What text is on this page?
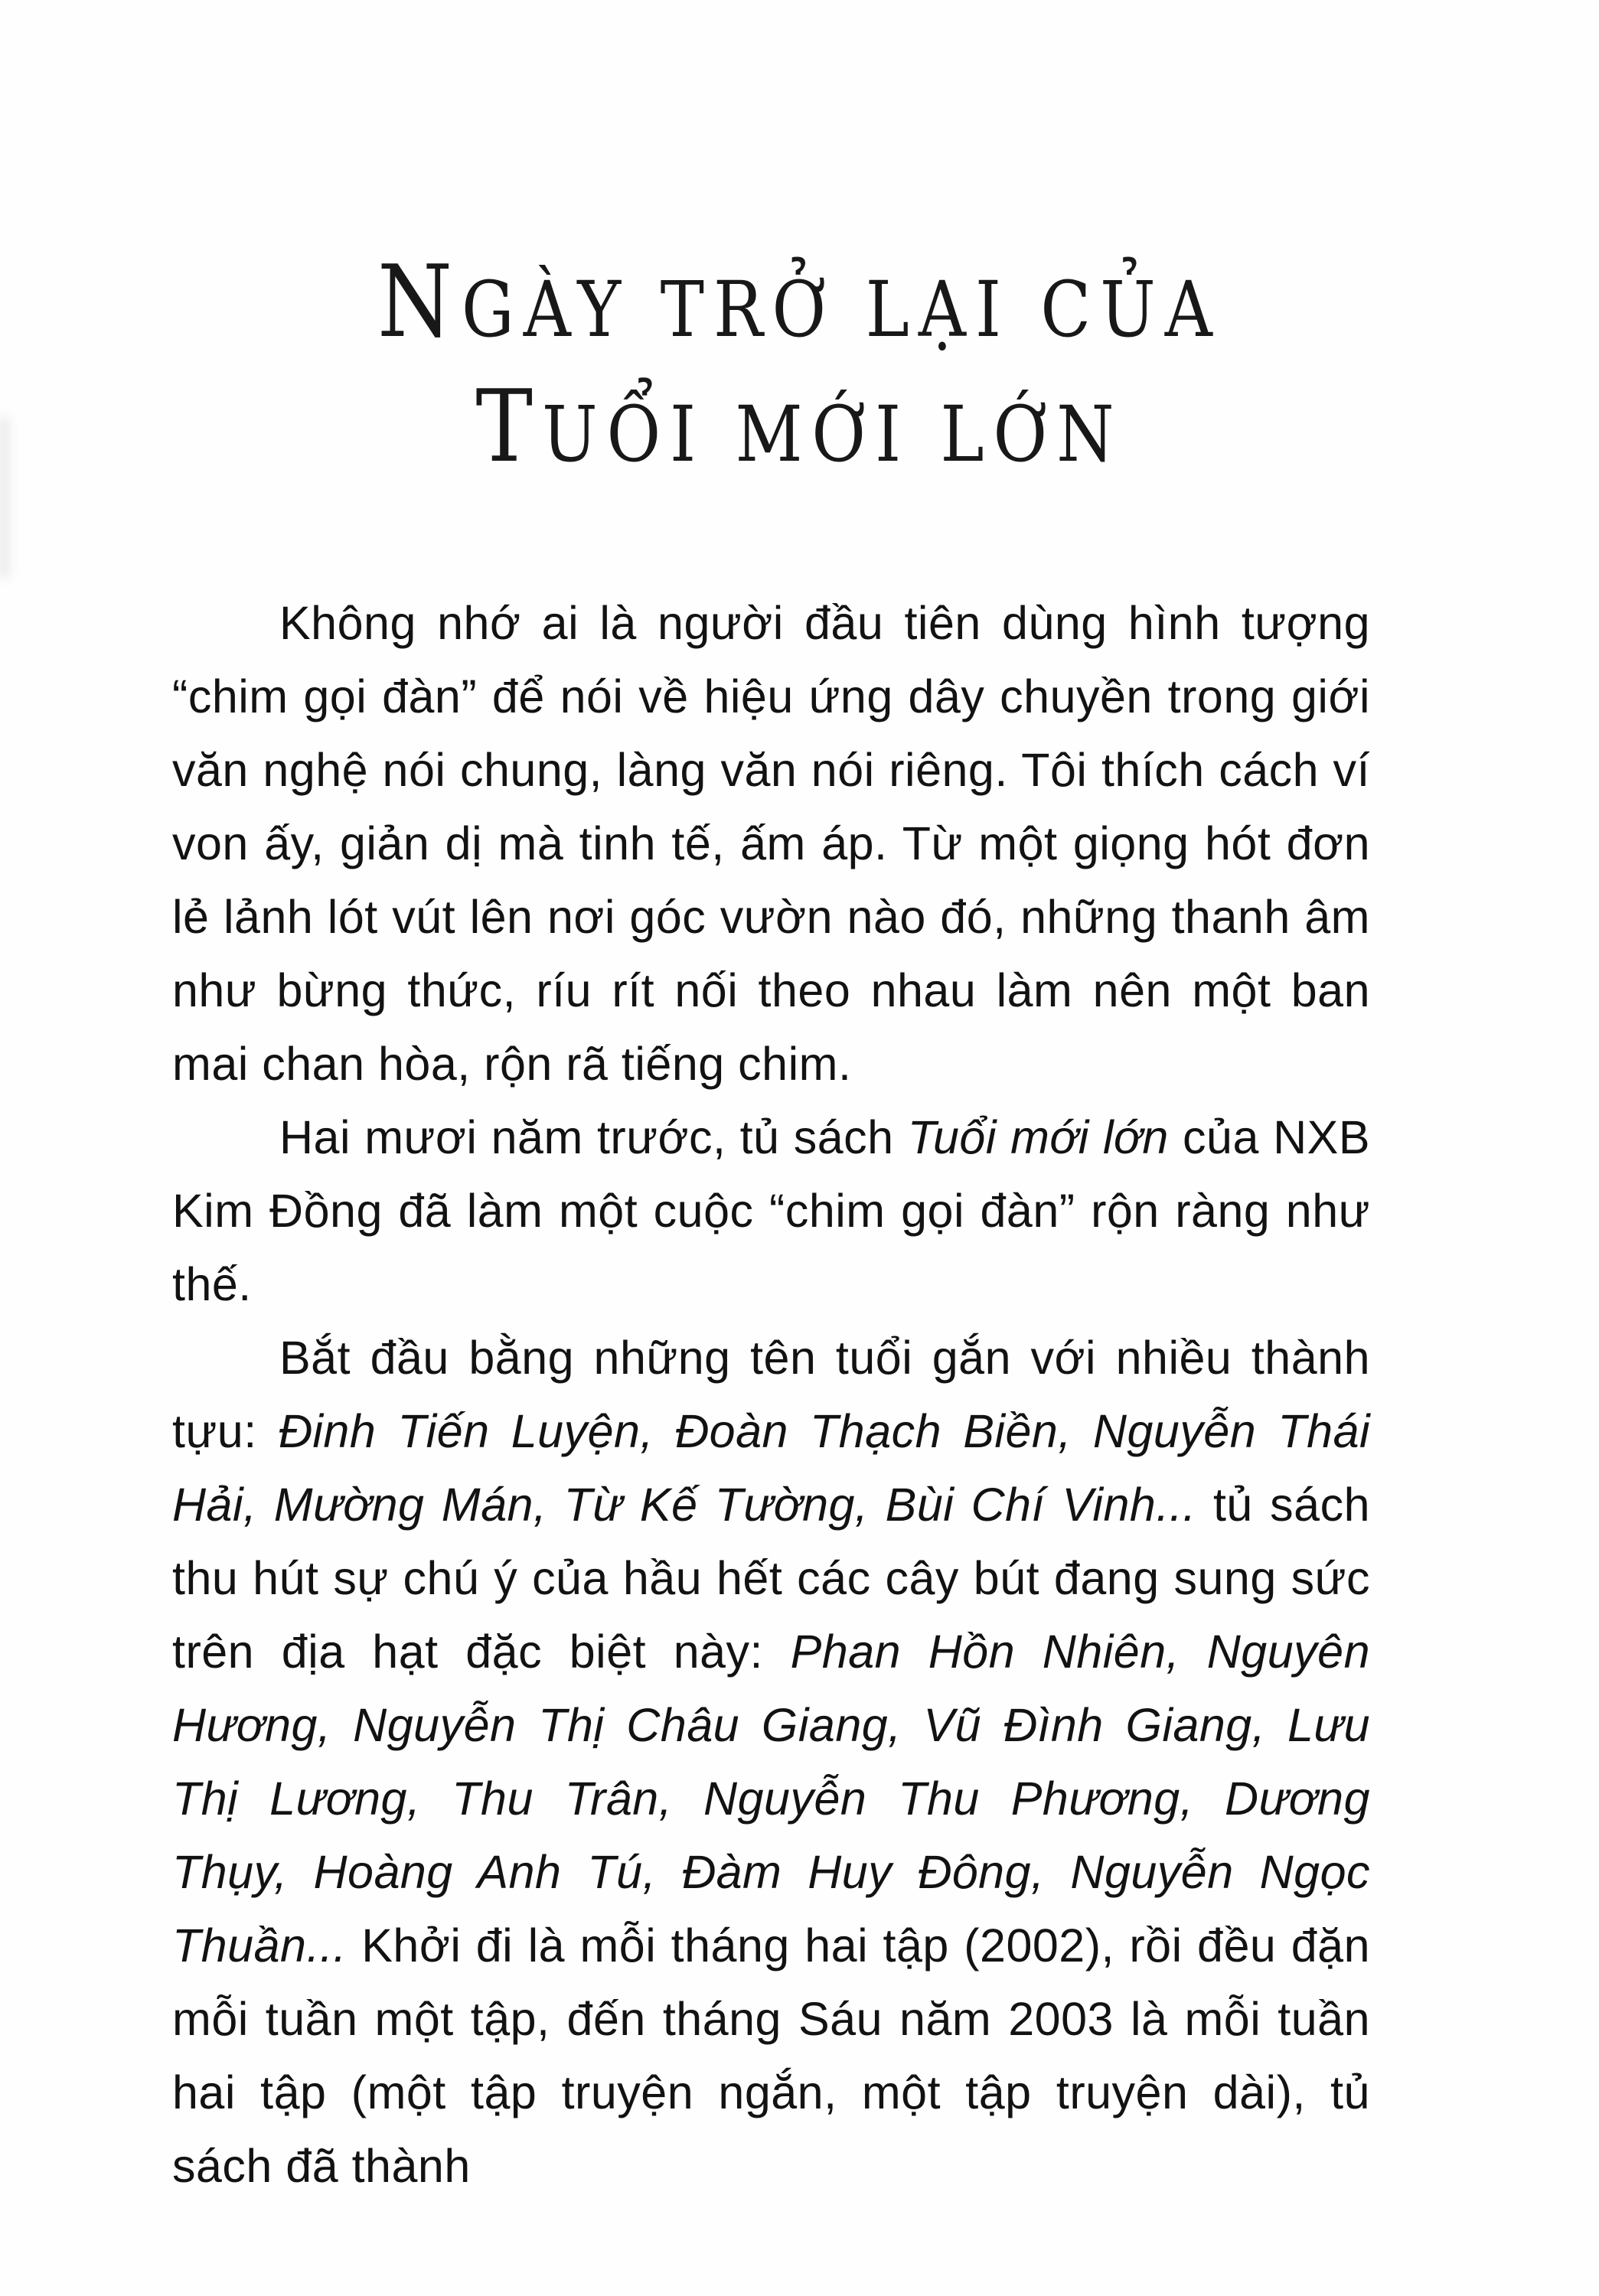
NGÀY TRỞ LẠI CỦA
TUỔI MỚI LỚN

Không nhớ ai là người đầu tiên dùng hình tượng “chim gọi đàn” để nói về hiệu ứng dây chuyền trong giới văn nghệ nói chung, làng văn nói riêng. Tôi thích cách ví von ấy, giản dị mà tinh tế, ấm áp. Từ một giọng hót đơn lẻ lảnh lót vút lên nơi góc vườn nào đó, những thanh âm như bừng thức, ríu rít nối theo nhau làm nên một ban mai chan hòa, rộn rã tiếng chim.

Hai mươi năm trước, tủ sách Tuổi mới lớn của NXB Kim Đồng đã làm một cuộc “chim gọi đàn” rộn ràng như thế.

Bắt đầu bằng những tên tuổi gắn với nhiều thành tựu: Đinh Tiến Luyện, Đoàn Thạch Biền, Nguyễn Thái Hải, Mường Mán, Từ Kế Tường, Bùi Chí Vinh... tủ sách thu hút sự chú ý của hầu hết các cây bút đang sung sức trên địa hạt đặc biệt này: Phan Hồn Nhiên, Nguyên Hương, Nguyễn Thị Châu Giang, Vũ Đình Giang, Lưu Thị Lương, Thu Trân, Nguyễn Thu Phương, Dương Thụy, Hoàng Anh Tú, Đàm Huy Đông, Nguyễn Ngọc Thuần... Khởi đi là mỗi tháng hai tập (2002), rồi đều đặn mỗi tuần một tập, đến tháng Sáu năm 2003 là mỗi tuần hai tập (một tập truyện ngắn, một tập truyện dài), tủ sách đã thành
